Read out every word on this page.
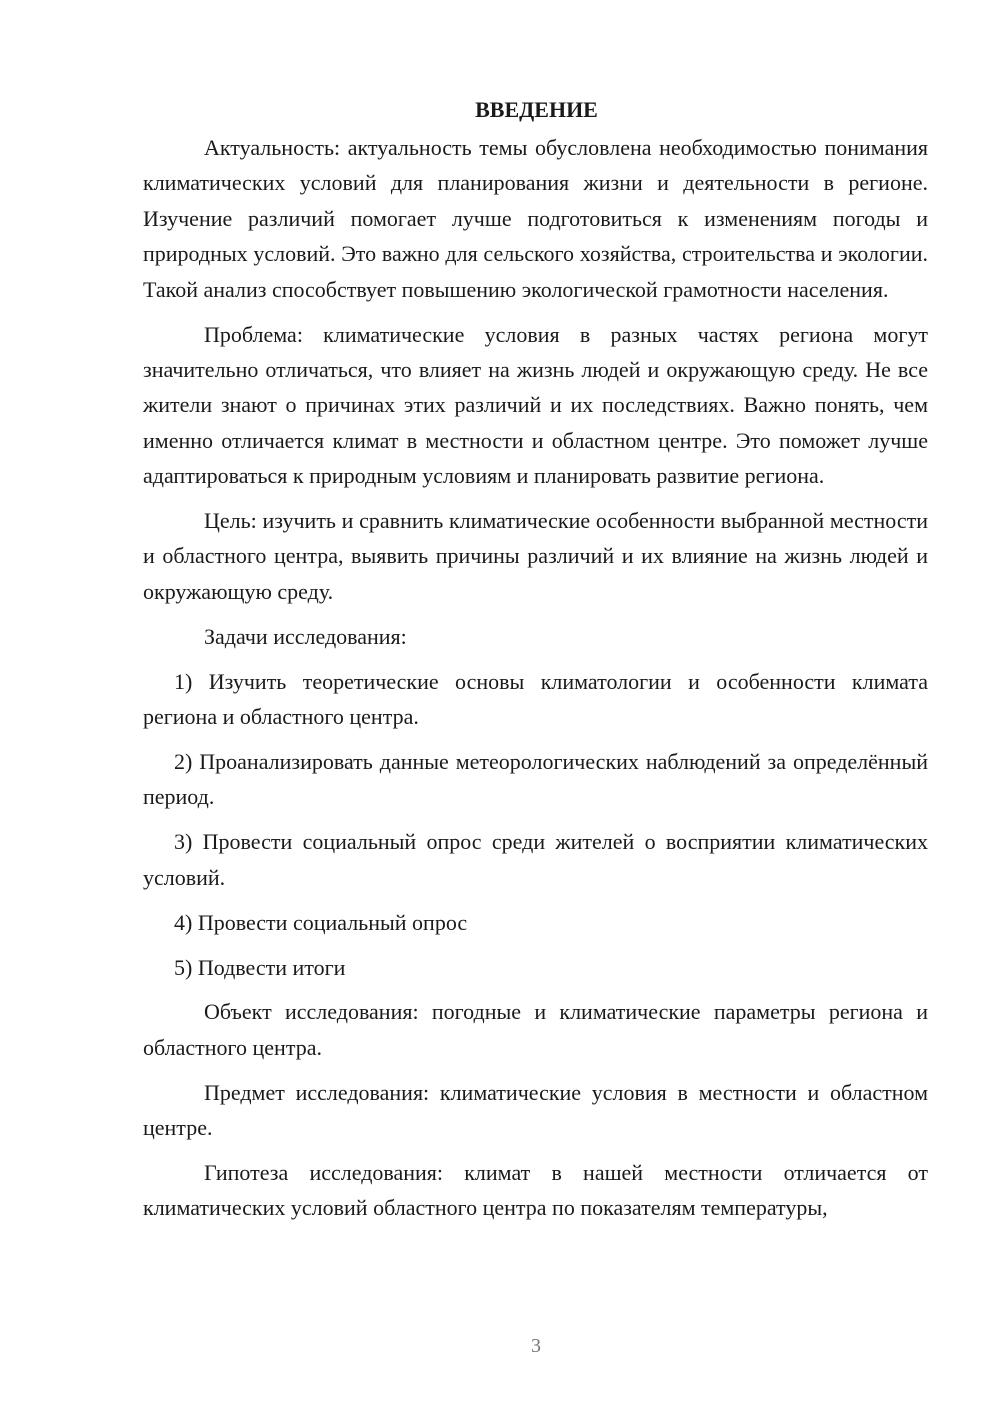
ВВЕДЕНИЕ

Актуальность: актуальность темы обусловлена необходимостью понимания климатических условий для планирования жизни и деятельности в регионе. Изучение различий помогает лучше подготовиться к изменениям погоды и природных условий. Это важно для сельского хозяйства, строительства и экологии. Такой анализ способствует повышению экологической грамотности населения.

Проблема: климатические условия в разных частях региона могут значительно отличаться, что влияет на жизнь людей и окружающую среду. Не все жители знают о причинах этих различий и их последствиях. Важно понять, чем именно отличается климат в местности и областном центре. Это поможет лучше адаптироваться к природным условиям и планировать развитие региона.

Цель: изучить и сравнить климатические особенности выбранной местности и областного центра, выявить причины различий и их влияние на жизнь людей и окружающую среду.

Задачи исследования:

1) Изучить теоретические основы климатологии и особенности климата региона и областного центра.

2) Проанализировать данные метеорологических наблюдений за определённый период.

3) Провести социальный опрос среди жителей о восприятии климатических условий.

4) Провести социальный опрос

5) Подвести итоги

Объект исследования: погодные и климатические параметры региона и областного центра.

Предмет исследования: климатические условия в местности и областном центре.

Гипотеза исследования: климат в нашей местности отличается от климатических условий областного центра по показателям температуры,

3
